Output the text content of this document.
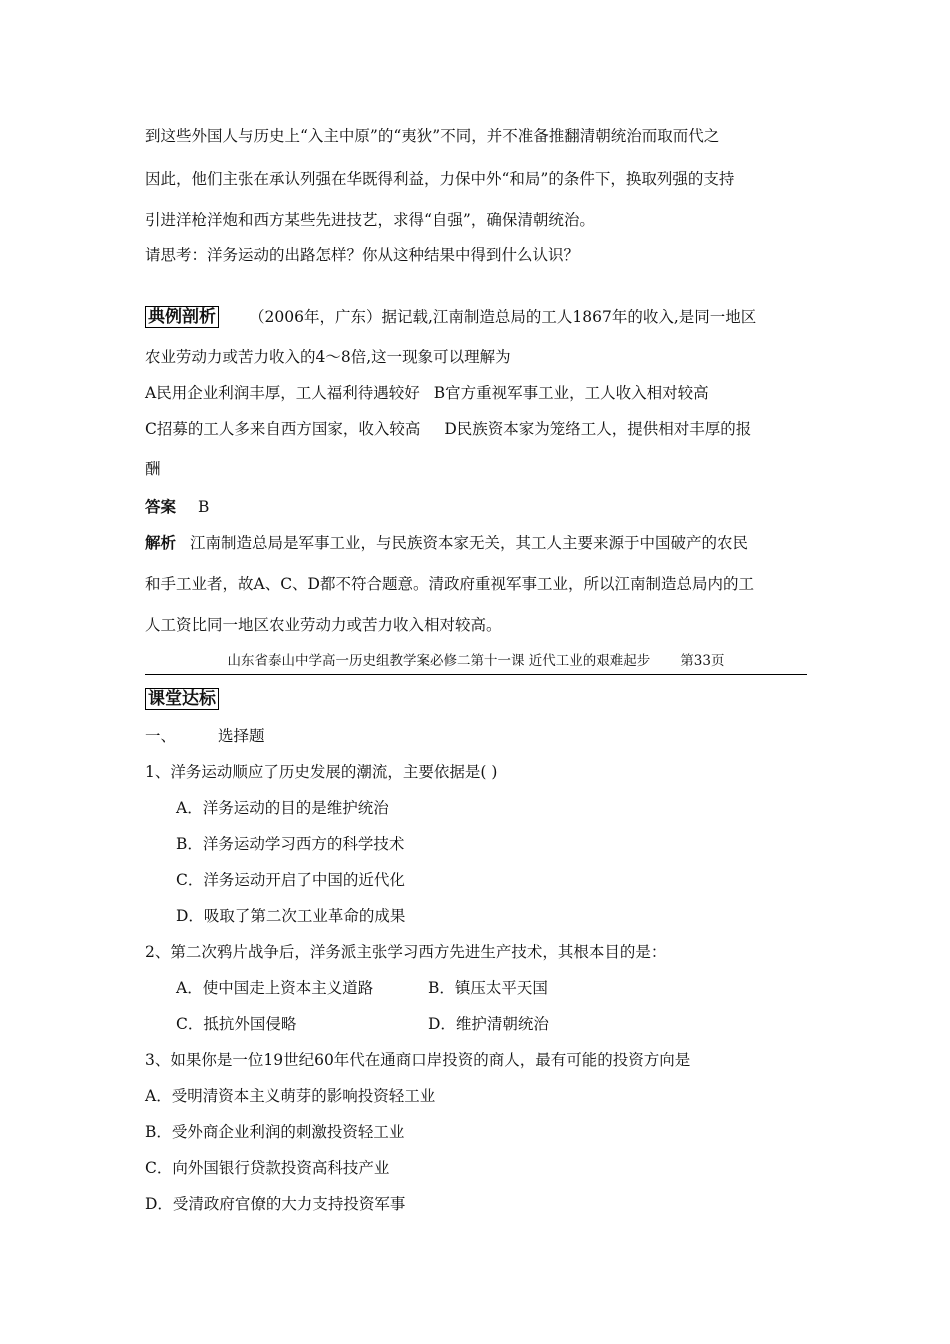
到这些外国人与历史上“入主中原”的“夷狄”不同，并不准备推翻清朝统治而取而代之
因此，他们主张在承认列强在华既得利益，力保中外“和局”的条件下，换取列强的支持
引进洋枪洋炮和西方某些先进技艺，求得“自强”，确保清朝统治。
请思考：洋务运动的出路怎样？你从这种结果中得到什么认识？
典例剖析 （2006年，广东）据记载,江南制造总局的工人1867年的收入,是同一地区
农业劳动力或苦力收入的4～8倍,这一现象可以理解为
A民用企业利润丰厚，工人福利待遇较好 B官方重视军事工业，工人收入相对较高
C招募的工人多来自西方国家，收入较高 D民族资本家为笼络工人，提供相对丰厚的报
酬
答案 B
解析 江南制造总局是军事工业，与民族资本家无关，其工人主要来源于中国破产的农民
和手工业者，故A、C、D都不符合题意。清政府重视军事工业，所以江南制造总局内的工
人工资比同一地区农业劳动力或苦力收入相对较高。
山东省泰山中学高一历史组教学案必修二第十一课 近代工业的艰难起步 第33页
课堂达标
一、	选择题
1、洋务运动顺应了历史发展的潮流，主要依据是( )
A．洋务运动的目的是维护统治
B．洋务运动学习西方的科学技术
C．洋务运动开启了中国的近代化
D．吸取了第二次工业革命的成果
2、第二次鸦片战争后，洋务派主张学习西方先进生产技术，其根本目的是：
A．使中国走上资本主义道路	B．镇压太平天国
C．抵抗外国侵略	D．维护清朝统治
3、如果你是一位19世纪60年代在通商口岸投资的商人，最有可能的投资方向是
A．受明清资本主义萌芽的影响投资轻工业
B．受外商企业利润的刺激投资轻工业
C．向外国银行贷款投资高科技产业
D．受清政府官僚的大力支持投资军事
